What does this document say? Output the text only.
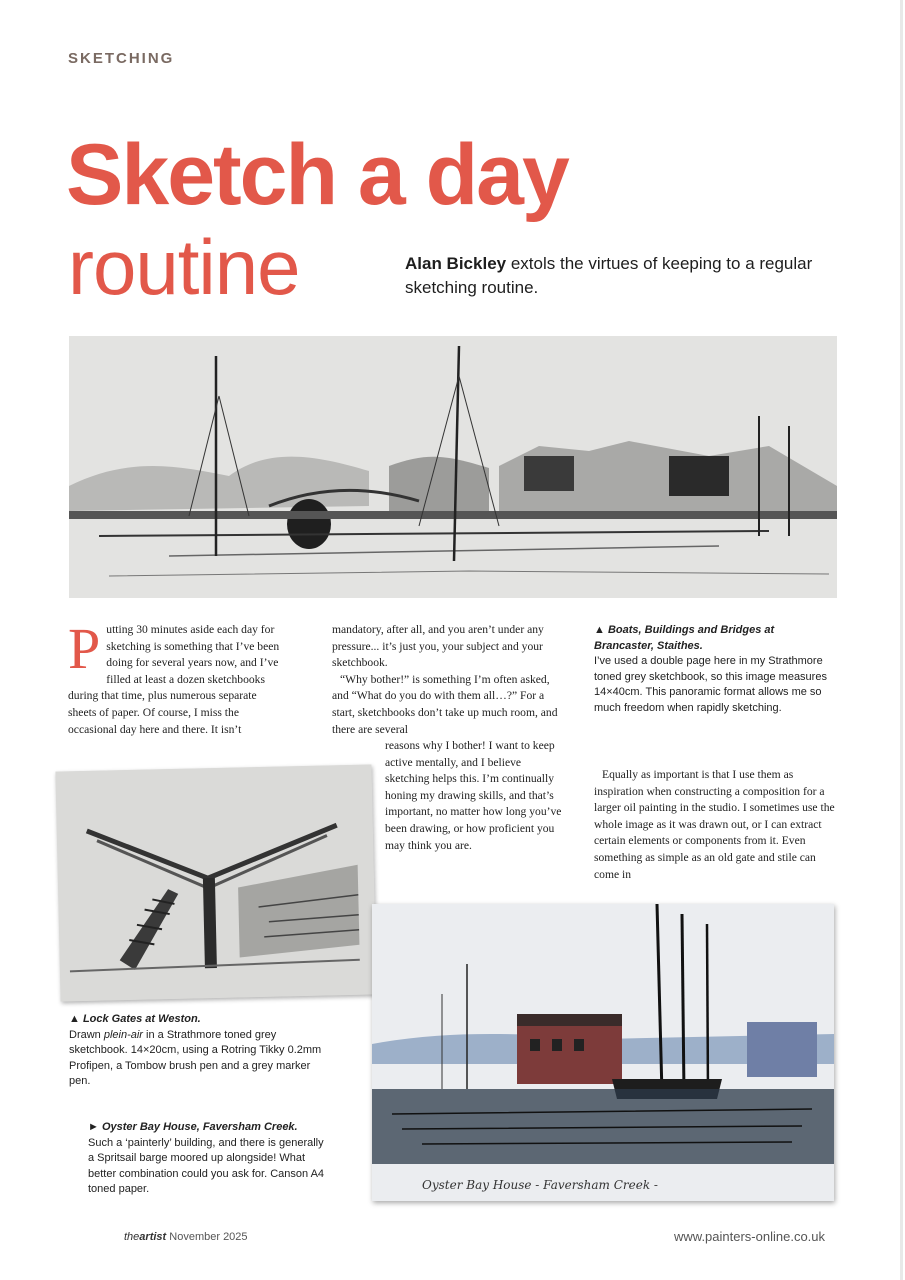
SKETCHING
Sketch a day
routine	Alan Bickley extols the virtues of keeping to a regular sketching routine.

Putting 30 minutes aside each day for sketching is something that I’ve been doing for several years now, and I’ve filled at least a dozen sketchbooks during that time, plus numerous separate sheets of paper. Of course, I miss the occasional day here and there. It isn’t

mandatory, after all, and you aren’t under any pressure... it’s just you, your subject and your sketchbook.

“Why bother!” is something I’m often asked, and “What do you do with them all…?” For a start, sketchbooks don’t take up much room, and there are several

reasons why I bother! I want to keep active mentally, and I believe sketching helps this. I’m continually honing my drawing skills, and that’s important, no matter how long you’ve been drawing, or how proficient you may think you are.

▲ Boats, Buildings and Bridges at Brancaster, Staithes.
I’ve used a double page here in my Strathmore toned grey sketchbook, so this image measures 14×40cm. This panoramic format allows me so much freedom when rapidly sketching.

Equally as important is that I use them as inspiration when constructing a composition for a larger oil painting in the studio. I sometimes use the whole image as it was drawn out, or I can extract certain elements or components from it. Even something as simple as an old gate and stile can come in

▲ Lock Gates at Weston.
Drawn plein-air in a Strathmore toned grey sketchbook. 14×20cm, using a Rotring Tikky 0.2mm Profipen, a Tombow brush pen and a grey marker pen.
► Oyster Bay House, Faversham Creek.
Such a ‘painterly’ building, and there is generally a Spritsail barge moored up alongside! What better combination could you ask for. Canson A4 toned paper.	Oyster Bay House - Faversham Creek -
theartist November 2025	www.painters-online.co.uk
